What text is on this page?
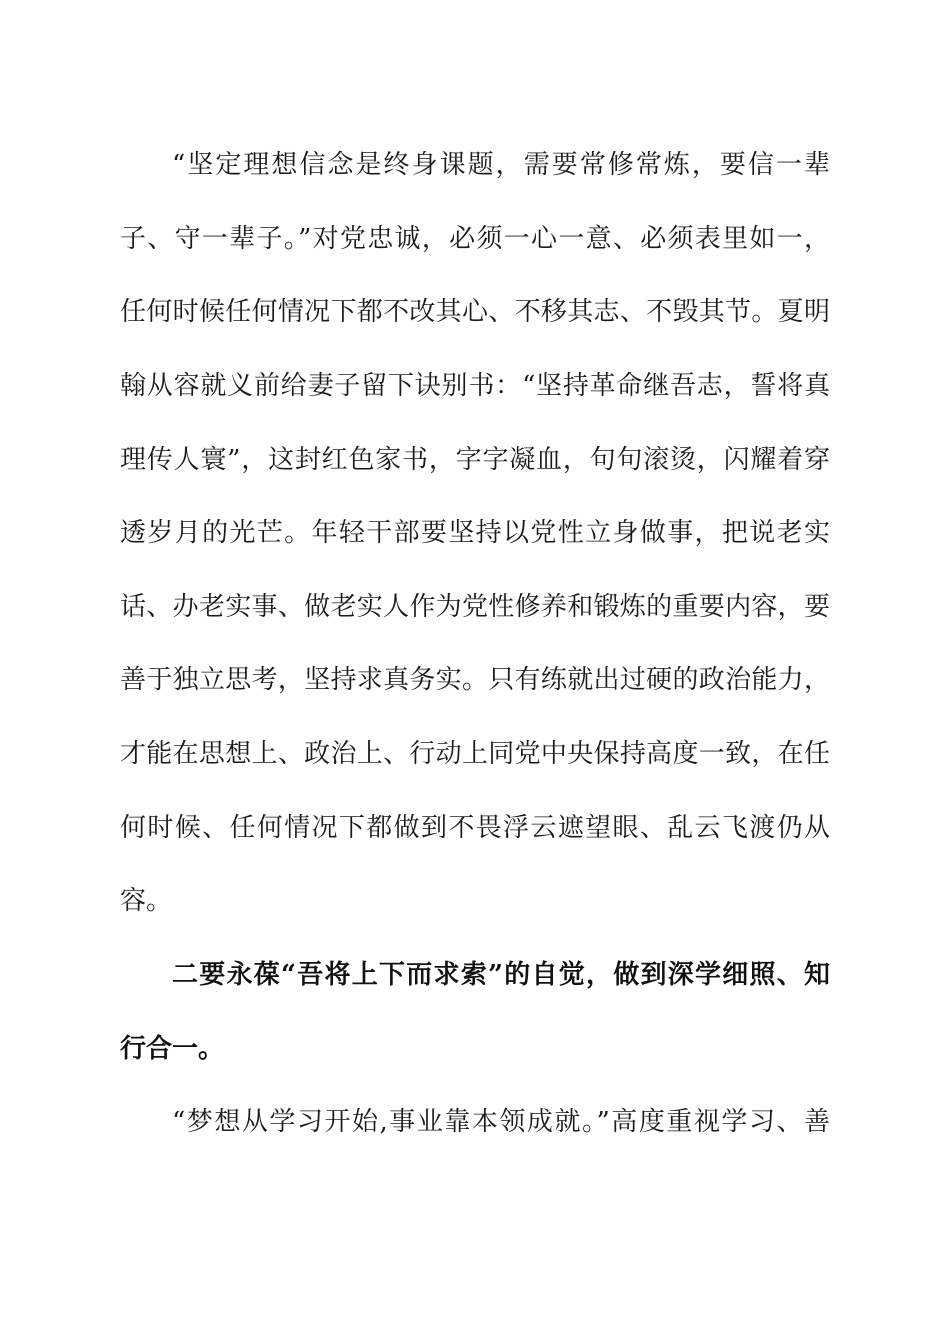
“坚定理想信念是终身课题，需要常修常炼，要信一辈
子、守一辈子。”对党忠诚，必须一心一意、必须表里如一，
任何时候任何情况下都不改其心、不移其志、不毁其节。夏明
翰从容就义前给妻子留下诀别书：“坚持革命继吾志，誓将真
理传人寰”，这封红色家书，字字凝血，句句滚烫，闪耀着穿
透岁月的光芒。年轻干部要坚持以党性立身做事，把说老实
话、办老实事、做老实人作为党性修养和锻炼的重要内容，要
善于独立思考，坚持求真务实。只有练就出过硬的政治能力，
才能在思想上、政治上、行动上同党中央保持高度一致，在任
何时候、任何情况下都做到不畏浮云遮望眼、乱云飞渡仍从
容。
二要永葆“吾将上下而求索”的自觉，做到深学细照、知
行合一。
“梦想从学习开始,事业靠本领成就。”高度重视学习、善
